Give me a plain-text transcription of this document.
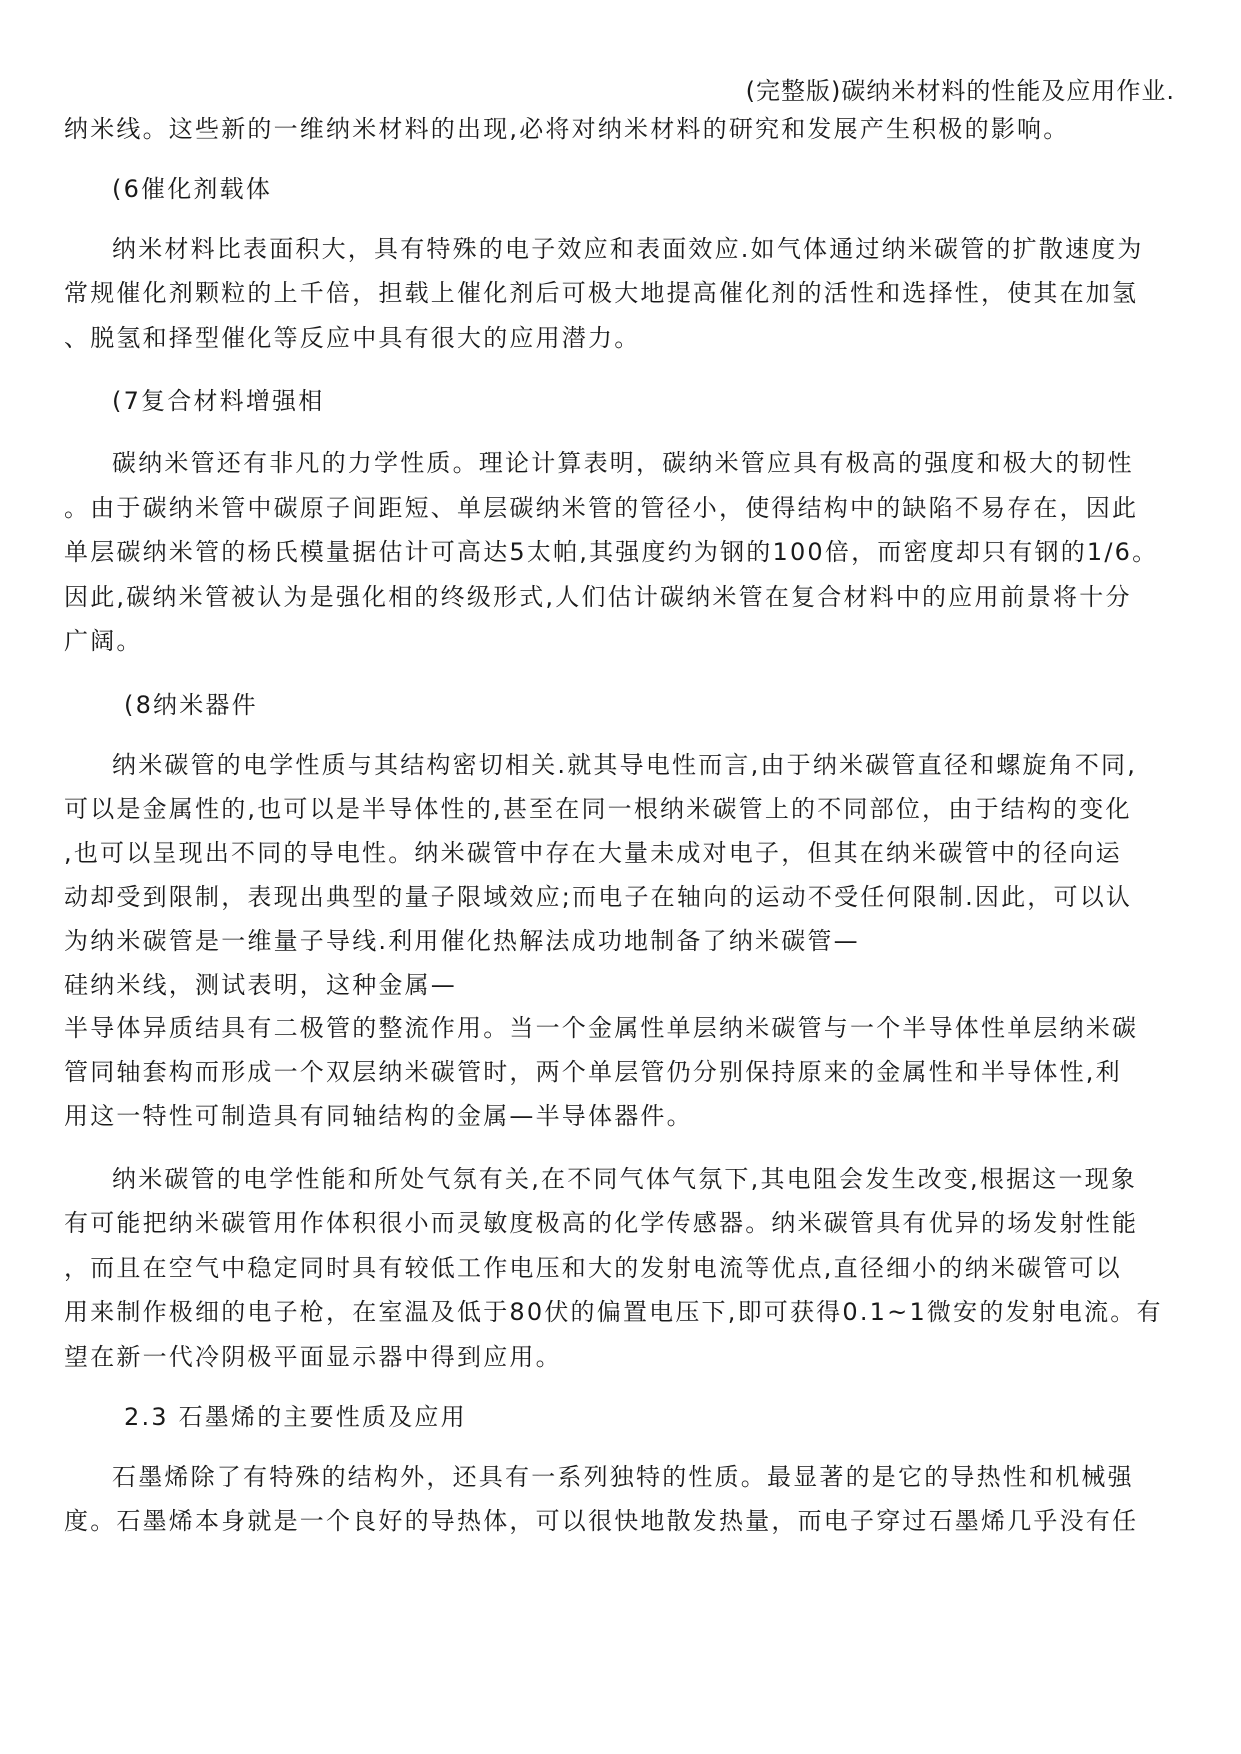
(完整版)碳纳米材料的性能及应用作业.
纳米线。这些新的一维纳米材料的出现,必将对纳米材料的研究和发展产生积极的影响。
(6催化剂载体
纳米材料比表面积大，具有特殊的电子效应和表面效应.如气体通过纳米碳管的扩散速度为
常规催化剂颗粒的上千倍，担载上催化剂后可极大地提高催化剂的活性和选择性，使其在加氢
、脱氢和择型催化等反应中具有很大的应用潜力。
(7复合材料增强相
碳纳米管还有非凡的力学性质。理论计算表明，碳纳米管应具有极高的强度和极大的韧性
。由于碳纳米管中碳原子间距短、单层碳纳米管的管径小，使得结构中的缺陷不易存在，因此
单层碳纳米管的杨氏模量据估计可高达5太帕,其强度约为钢的100倍，而密度却只有钢的1/6。
因此,碳纳米管被认为是强化相的终级形式,人们估计碳纳米管在复合材料中的应用前景将十分
广阔。
(8纳米器件
纳米碳管的电学性质与其结构密切相关.就其导电性而言,由于纳米碳管直径和螺旋角不同,
可以是金属性的,也可以是半导体性的,甚至在同一根纳米碳管上的不同部位，由于结构的变化
,也可以呈现出不同的导电性。纳米碳管中存在大量未成对电子，但其在纳米碳管中的径向运
动却受到限制，表现出典型的量子限域效应;而电子在轴向的运动不受任何限制.因此，可以认
为纳米碳管是一维量子导线.利用催化热解法成功地制备了纳米碳管—
硅纳米线，测试表明，这种金属—
半导体异质结具有二极管的整流作用。当一个金属性单层纳米碳管与一个半导体性单层纳米碳
管同轴套构而形成一个双层纳米碳管时，两个单层管仍分别保持原来的金属性和半导体性,利
用这一特性可制造具有同轴结构的金属—半导体器件。
纳米碳管的电学性能和所处气氛有关,在不同气体气氛下,其电阻会发生改变,根据这一现象
有可能把纳米碳管用作体积很小而灵敏度极高的化学传感器。纳米碳管具有优异的场发射性能
，而且在空气中稳定同时具有较低工作电压和大的发射电流等优点,直径细小的纳米碳管可以
用来制作极细的电子枪，在室温及低于80伏的偏置电压下,即可获得0.1~1微安的发射电流。有
望在新一代冷阴极平面显示器中得到应用。
2.3 石墨烯的主要性质及应用
石墨烯除了有特殊的结构外，还具有一系列独特的性质。最显著的是它的导热性和机械强
度。石墨烯本身就是一个良好的导热体，可以很快地散发热量，而电子穿过石墨烯几乎没有任
